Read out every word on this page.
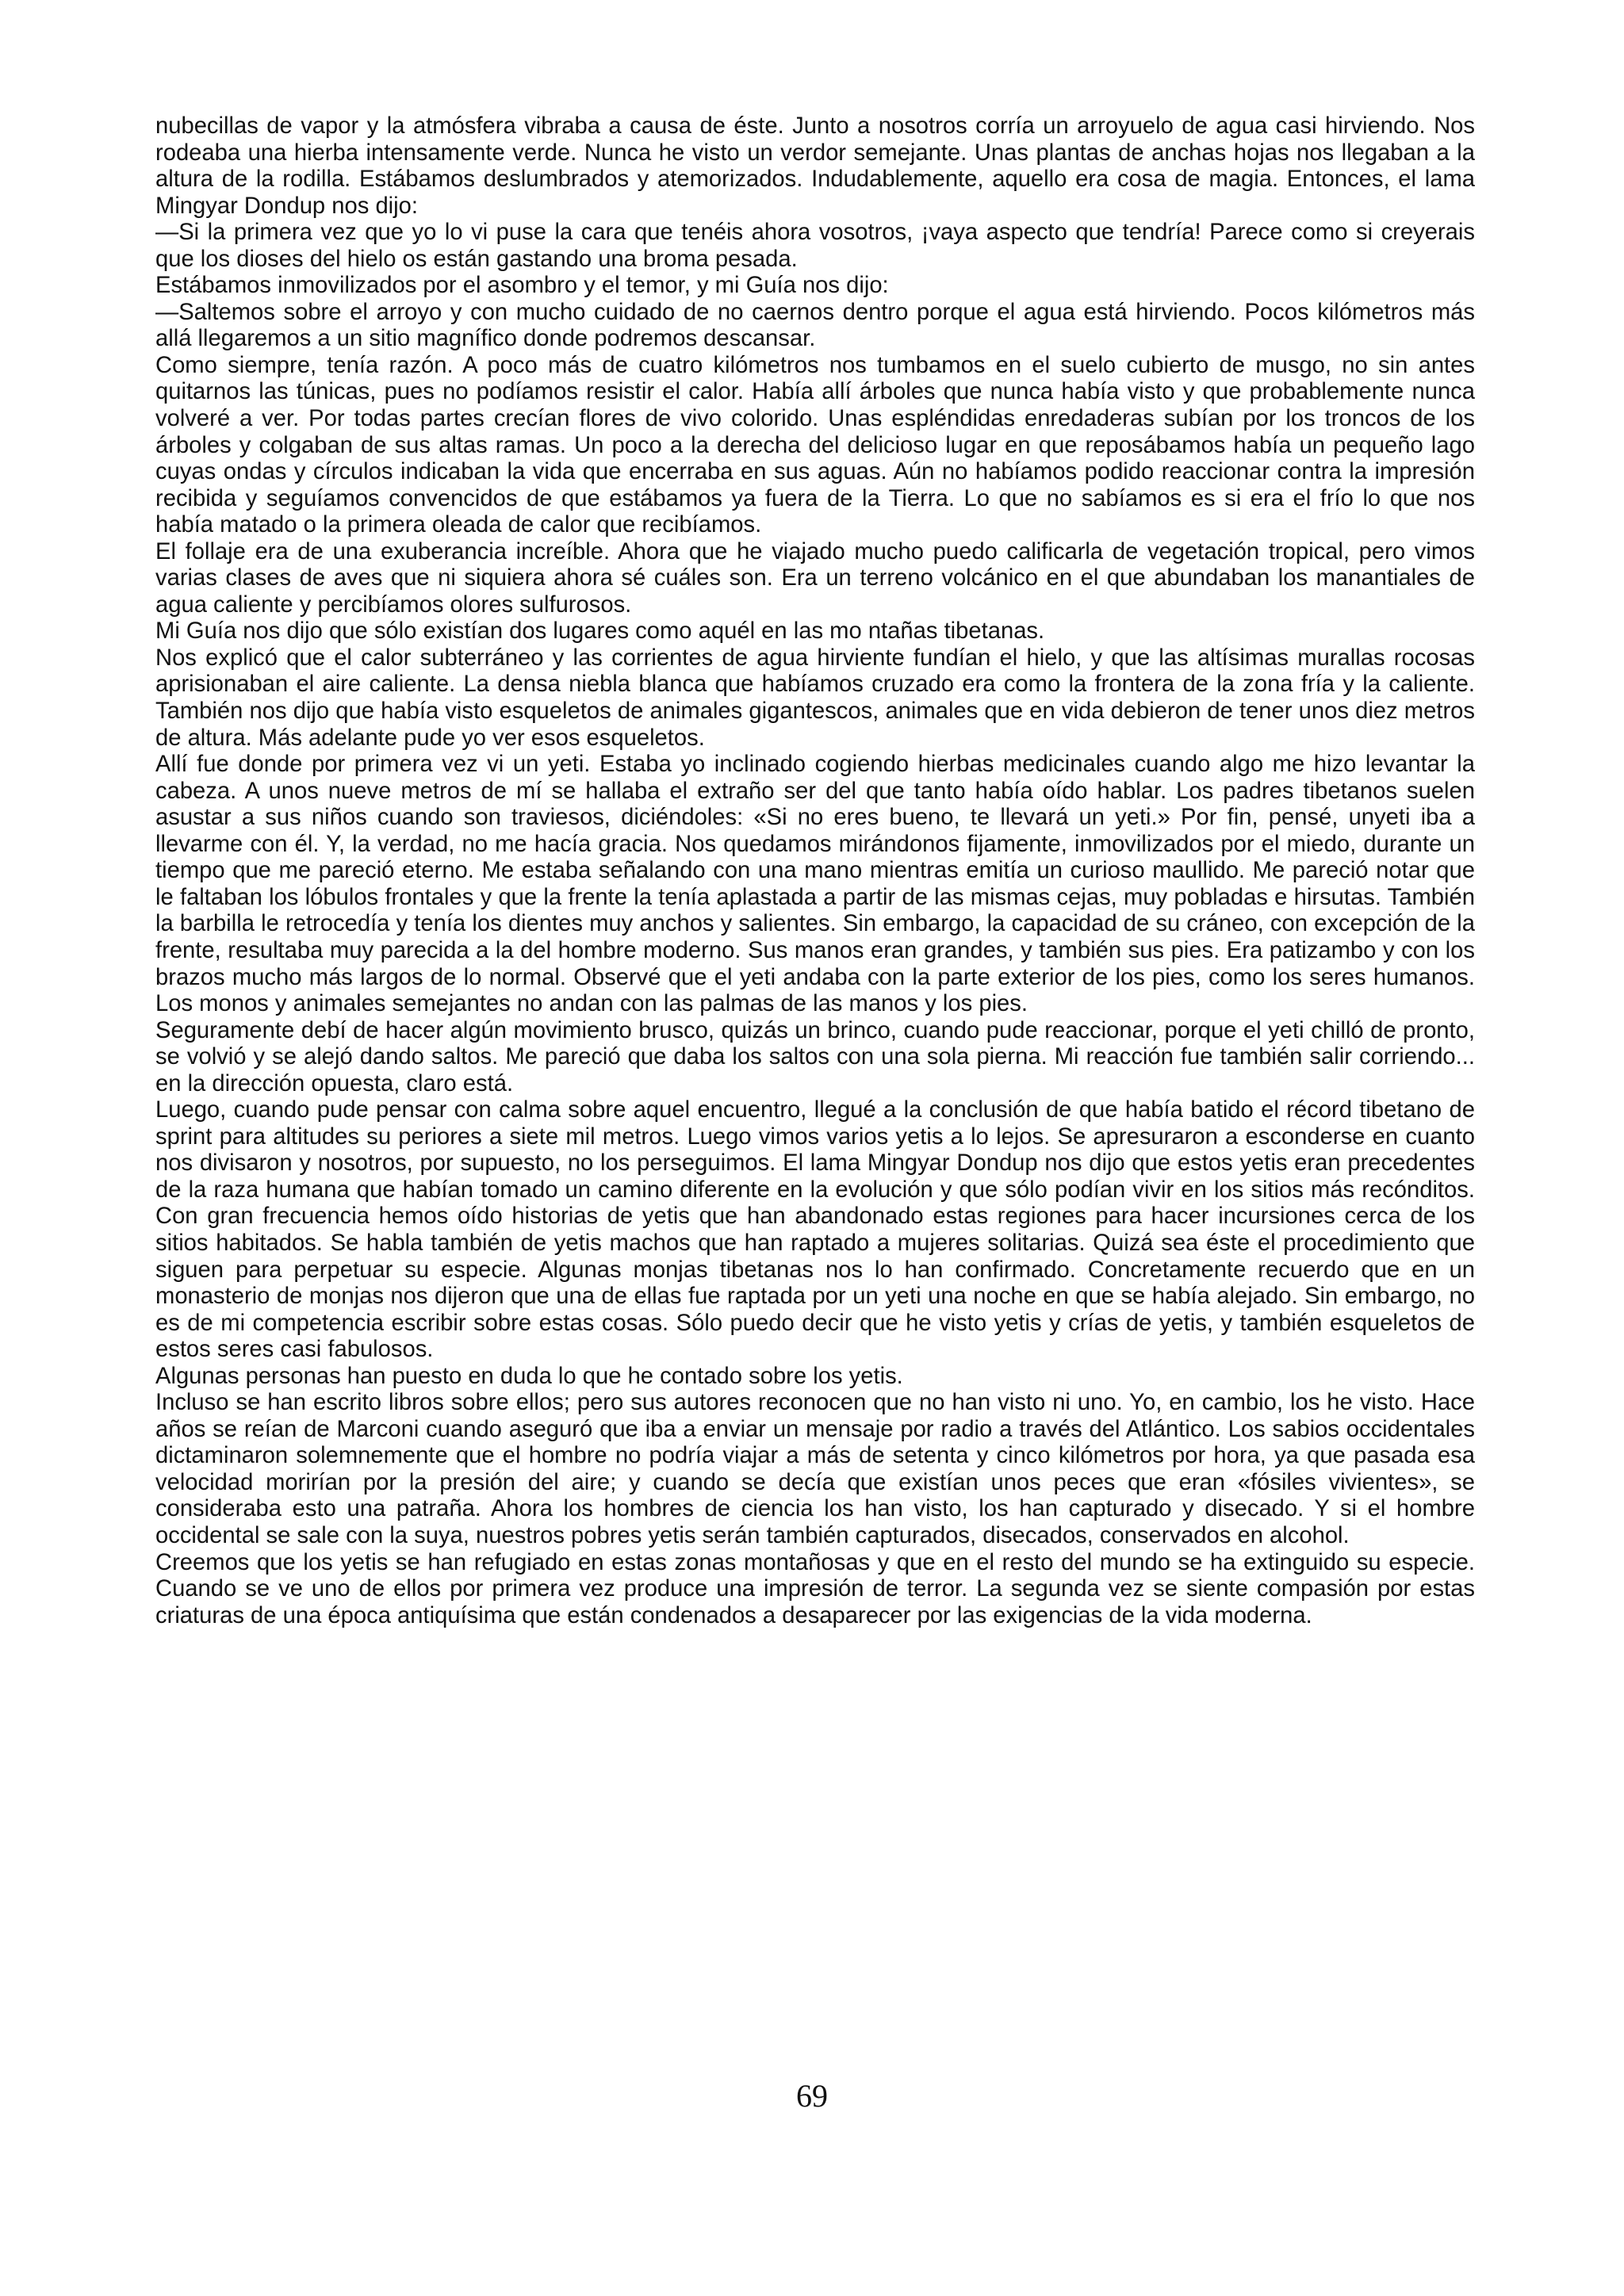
nubecillas de vapor y la atmósfera vibraba a causa de éste. Junto a nosotros corría un arroyuelo de agua casi hirviendo. Nos rodeaba una hierba intensamente verde. Nunca he visto un verdor semejante. Unas plantas de anchas hojas nos llegaban a la altura de la rodilla. Estábamos deslumbrados y atemorizados. Indudablemente, aquello era cosa de magia. Entonces, el lama Mingyar Dondup nos dijo:

—Si la primera vez que yo lo vi puse la cara que tenéis ahora vosotros, ¡vaya aspecto que tendría! Parece como si creyerais que los dioses del hielo os están gastando una broma pesada.

Estábamos inmovilizados por el asombro y el temor, y mi Guía nos dijo:

—Saltemos sobre el arroyo y con mucho cuidado de no caernos dentro porque el agua está hirviendo. Pocos kilómetros más allá llegaremos a un sitio magnífico donde podremos descansar.

Como siempre, tenía razón. A poco más de cuatro kilómetros nos tumbamos en el suelo cubierto de musgo, no sin antes quitarnos las túnicas, pues no podíamos resistir el calor. Había allí árboles que nunca había visto y que probablemente nunca volveré a ver. Por todas partes crecían flores de vivo colorido. Unas espléndidas enredaderas subían por los troncos de los árboles y colgaban de sus altas ramas. Un poco a la derecha del delicioso lugar en que reposábamos había un pequeño lago cuyas ondas y círculos indicaban la vida que encerraba en sus aguas. Aún no habíamos podido reaccionar contra la impresión recibida y seguíamos convencidos de que estábamos ya fuera de la Tierra. Lo que no sabíamos es si era el frío lo que nos había matado o la primera oleada de calor que recibíamos.

El follaje era de una exuberancia increíble. Ahora que he viajado mucho puedo calificarla de vegetación tropical, pero vimos varias clases de aves que ni siquiera ahora sé cuáles son. Era un terreno volcánico en el que abundaban los manantiales de agua caliente y percibíamos olores sulfurosos.

Mi Guía nos dijo que sólo existían dos lugares como aquél en las mo ntañas tibetanas.

Nos explicó que el calor subterráneo y las corrientes de agua hirviente fundían el hielo, y que las altísimas murallas rocosas aprisionaban el aire caliente. La densa niebla blanca que habíamos cruzado era como la frontera de la zona fría y la caliente. También nos dijo que había visto esqueletos de animales gigantescos, animales que en vida debieron de tener unos diez metros de altura. Más adelante pude yo ver esos esqueletos.

Allí fue donde por primera vez vi un yeti. Estaba yo inclinado cogiendo hierbas medicinales cuando algo me hizo levantar la cabeza. A unos nueve metros de mí se hallaba el extraño ser del que tanto había oído hablar. Los padres tibetanos suelen asustar a sus niños cuando son traviesos, diciéndoles: «Si no eres bueno, te llevará un yeti.» Por fin, pensé, unyeti iba a llevarme con él. Y, la verdad, no me hacía gracia. Nos quedamos mirándonos fijamente, inmovilizados por el miedo, durante un tiempo que me pareció eterno. Me estaba señalando con una mano mientras emitía un curioso maullido. Me pareció notar que le faltaban los lóbulos frontales y que la frente la tenía aplastada a partir de las mismas cejas, muy pobladas e hirsutas. También la barbilla le retrocedía y tenía los dientes muy anchos y salientes. Sin embargo, la capacidad de su cráneo, con excepción de la frente, resultaba muy parecida a la del hombre moderno. Sus manos eran grandes, y también sus pies. Era patizambo y con los brazos mucho más largos de lo normal. Observé que el yeti andaba con la parte exterior de los pies, como los seres humanos. Los monos y animales semejantes no andan con las palmas de las manos y los pies.

Seguramente debí de hacer algún movimiento brusco, quizás un brinco, cuando pude reaccionar, porque el yeti chilló de pronto, se volvió y se alejó dando saltos. Me pareció que daba los saltos con una sola pierna. Mi reacción fue también salir corriendo... en la dirección opuesta, claro está.

Luego, cuando pude pensar con calma sobre aquel encuentro, llegué a la conclusión de que había batido el récord tibetano de sprint para altitudes su periores a siete mil metros. Luego vimos varios yetis a lo lejos. Se apresuraron a esconderse en cuanto nos divisaron y nosotros, por supuesto, no los perseguimos. El lama Mingyar Dondup nos dijo que estos yetis eran precedentes de la raza humana que habían tomado un camino diferente en la evolución y que sólo podían vivir en los sitios más recónditos. Con gran frecuencia hemos oído historias de yetis que han abandonado estas regiones para hacer incursiones cerca de los sitios habitados. Se habla también de yetis machos que han raptado a mujeres solitarias. Quizá sea éste el procedimiento que siguen para perpetuar su especie. Algunas monjas tibetanas nos lo han confirmado. Concretamente recuerdo que en un monasterio de monjas nos dijeron que una de ellas fue raptada por un yeti una noche en que se había alejado. Sin embargo, no es de mi competencia escribir sobre estas cosas. Sólo puedo decir que he visto yetis y crías de yetis, y también esqueletos de estos seres casi fabulosos.

Algunas personas han puesto en duda lo que he contado sobre los yetis.

Incluso se han escrito libros sobre ellos; pero sus autores reconocen que no han visto ni uno. Yo, en cambio, los he visto. Hace años se reían de Marconi cuando aseguró que iba a enviar un mensaje por radio a través del Atlántico. Los sabios occidentales dictaminaron solemnemente que el hombre no podría viajar a más de setenta y cinco kilómetros por hora, ya que pasada esa velocidad morirían por la presión del aire; y cuando se decía que existían unos peces que eran «fósiles vivientes», se consideraba esto una patraña. Ahora los hombres de ciencia los han visto, los han capturado y disecado. Y si el hombre occidental se sale con la suya, nuestros pobres yetis serán también capturados, disecados, conservados en alcohol.

Creemos que los yetis se han refugiado en estas zonas montañosas y que en el resto del mundo se ha extinguido su especie. Cuando se ve uno de ellos por primera vez produce una impresión de terror. La segunda vez se siente compasión por estas criaturas de una época antiquísima que están condenados a desaparecer por las exigencias de la vida moderna.

69
